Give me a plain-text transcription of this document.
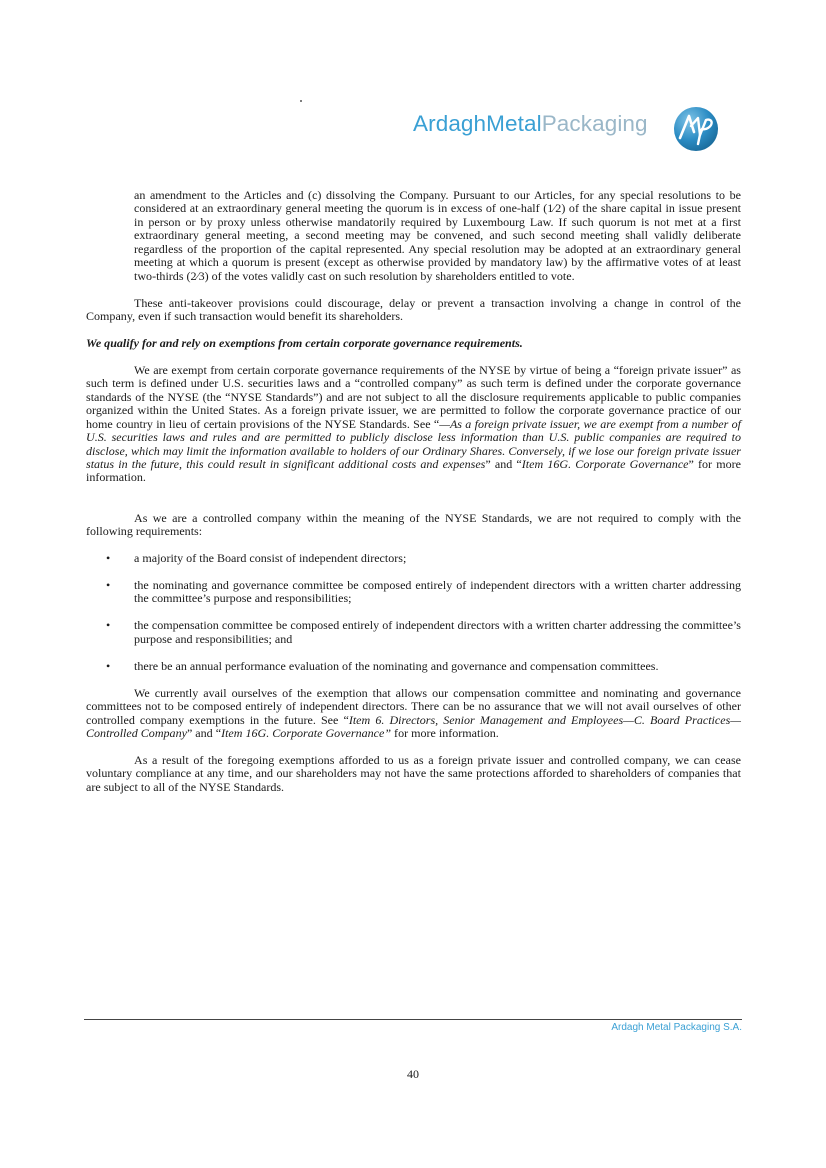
ArdaghMetalPackaging

an amendment to the Articles and (c) dissolving the Company. Pursuant to our Articles, for any special resolutions to be considered at an extraordinary general meeting the quorum is in excess of one-half (1⁄2) of the share capital in issue present in person or by proxy unless otherwise mandatorily required by Luxembourg Law. If such quorum is not met at a first extraordinary general meeting, a second meeting may be convened, and such second meeting shall validly deliberate regardless of the proportion of the capital represented. Any special resolution may be adopted at an extraordinary general meeting at which a quorum is present (except as otherwise provided by mandatory law) by the affirmative votes of at least two-thirds (2⁄3) of the votes validly cast on such resolution by shareholders entitled to vote.

These anti-takeover provisions could discourage, delay or prevent a transaction involving a change in control of the Company, even if such transaction would benefit its shareholders.

We qualify for and rely on exemptions from certain corporate governance requirements.

We are exempt from certain corporate governance requirements of the NYSE by virtue of being a “foreign private issuer” as such term is defined under U.S. securities laws and a “controlled company” as such term is defined under the corporate governance standards of the NYSE (the “NYSE Standards”) and are not subject to all the disclosure requirements applicable to public companies organized within the United States. As a foreign private issuer, we are permitted to follow the corporate governance practice of our home country in lieu of certain provisions of the NYSE Standards. See “—As a foreign private issuer, we are exempt from a number of U.S. securities laws and rules and are permitted to publicly disclose less information than U.S. public companies are required to disclose, which may limit the information available to holders of our Ordinary Shares. Conversely, if we lose our foreign private issuer status in the future, this could result in significant additional costs and expenses” and “Item 16G. Corporate Governance” for more information.

As we are a controlled company within the meaning of the NYSE Standards, we are not required to comply with the following requirements:

• a majority of the Board consist of independent directors;
• the nominating and governance committee be composed entirely of independent directors with a written charter addressing the committee’s purpose and responsibilities;
• the compensation committee be composed entirely of independent directors with a written charter addressing the committee’s purpose and responsibilities; and
• there be an annual performance evaluation of the nominating and governance and compensation committees.

We currently avail ourselves of the exemption that allows our compensation committee and nominating and governance committees not to be composed entirely of independent directors. There can be no assurance that we will not avail ourselves of other controlled company exemptions in the future. See “Item 6. Directors, Senior Management and Employees—C. Board Practices—Controlled Company” and “Item 16G. Corporate Governance” for more information.

As a result of the foregoing exemptions afforded to us as a foreign private issuer and controlled company, we can cease voluntary compliance at any time, and our shareholders may not have the same protections afforded to shareholders of companies that are subject to all of the NYSE Standards.

Ardagh Metal Packaging S.A.
40
